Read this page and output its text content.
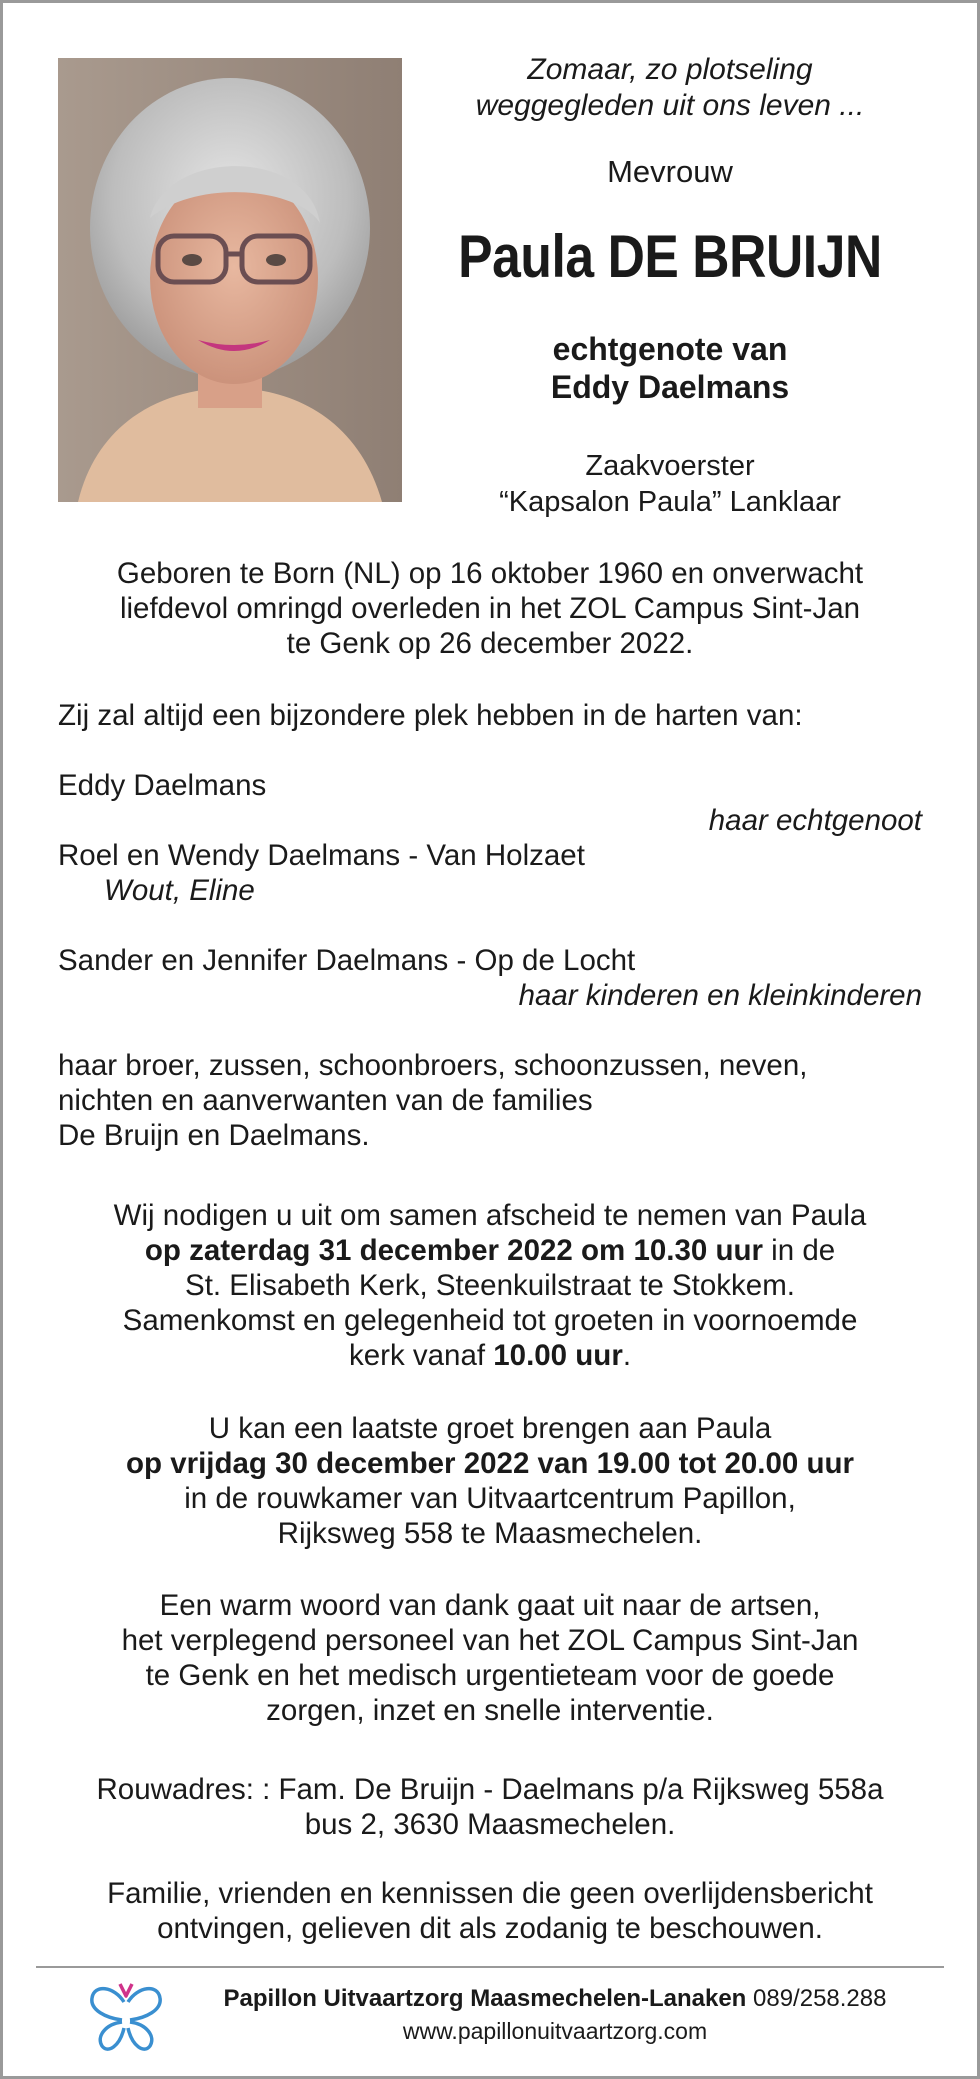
Zomaar, zo plotseling
weggegleden uit ons leven ...
Mevrouw
Paula DE BRUIJN
echtgenote van
Eddy Daelmans
Zaakvoerster
“Kapsalon Paula” Lanklaar
Geboren te Born (NL) op 16 oktober 1960 en onverwacht
liefdevol omringd overleden in het ZOL Campus Sint-Jan
te Genk op 26 december 2022.
Zij zal altijd een bijzondere plek hebben in de harten van:
Eddy Daelmans
haar echtgenoot
Roel en Wendy Daelmans - Van Holzaet
Wout, Eline
Sander en Jennifer Daelmans - Op de Locht
haar kinderen en kleinkinderen
haar broer, zussen, schoonbroers, schoonzussen, neven,
nichten en aanverwanten van de families
De Bruijn en Daelmans.
Wij nodigen u uit om samen afscheid te nemen van Paula
op zaterdag 31 december 2022 om 10.30 uur in de
St. Elisabeth Kerk, Steenkuilstraat te Stokkem.
Samenkomst en gelegenheid tot groeten in voornoemde
kerk vanaf 10.00 uur.
U kan een laatste groet brengen aan Paula
op vrijdag 30 december 2022 van 19.00 tot 20.00 uur
in de rouwkamer van Uitvaartcentrum Papillon,
Rijksweg 558 te Maasmechelen.
Een warm woord van dank gaat uit naar de artsen,
het verplegend personeel van het ZOL Campus Sint-Jan
te Genk en het medisch urgentieteam voor de goede
zorgen, inzet en snelle interventie.
Rouwadres: : Fam. De Bruijn - Daelmans p/a Rijksweg 558a
bus 2, 3630 Maasmechelen.
Familie, vrienden en kennissen die geen overlijdensbericht
ontvingen, gelieven dit als zodanig te beschouwen.
Papillon Uitvaartzorg Maasmechelen-Lanaken 089/258.288
www.papillonuitvaartzorg.com
